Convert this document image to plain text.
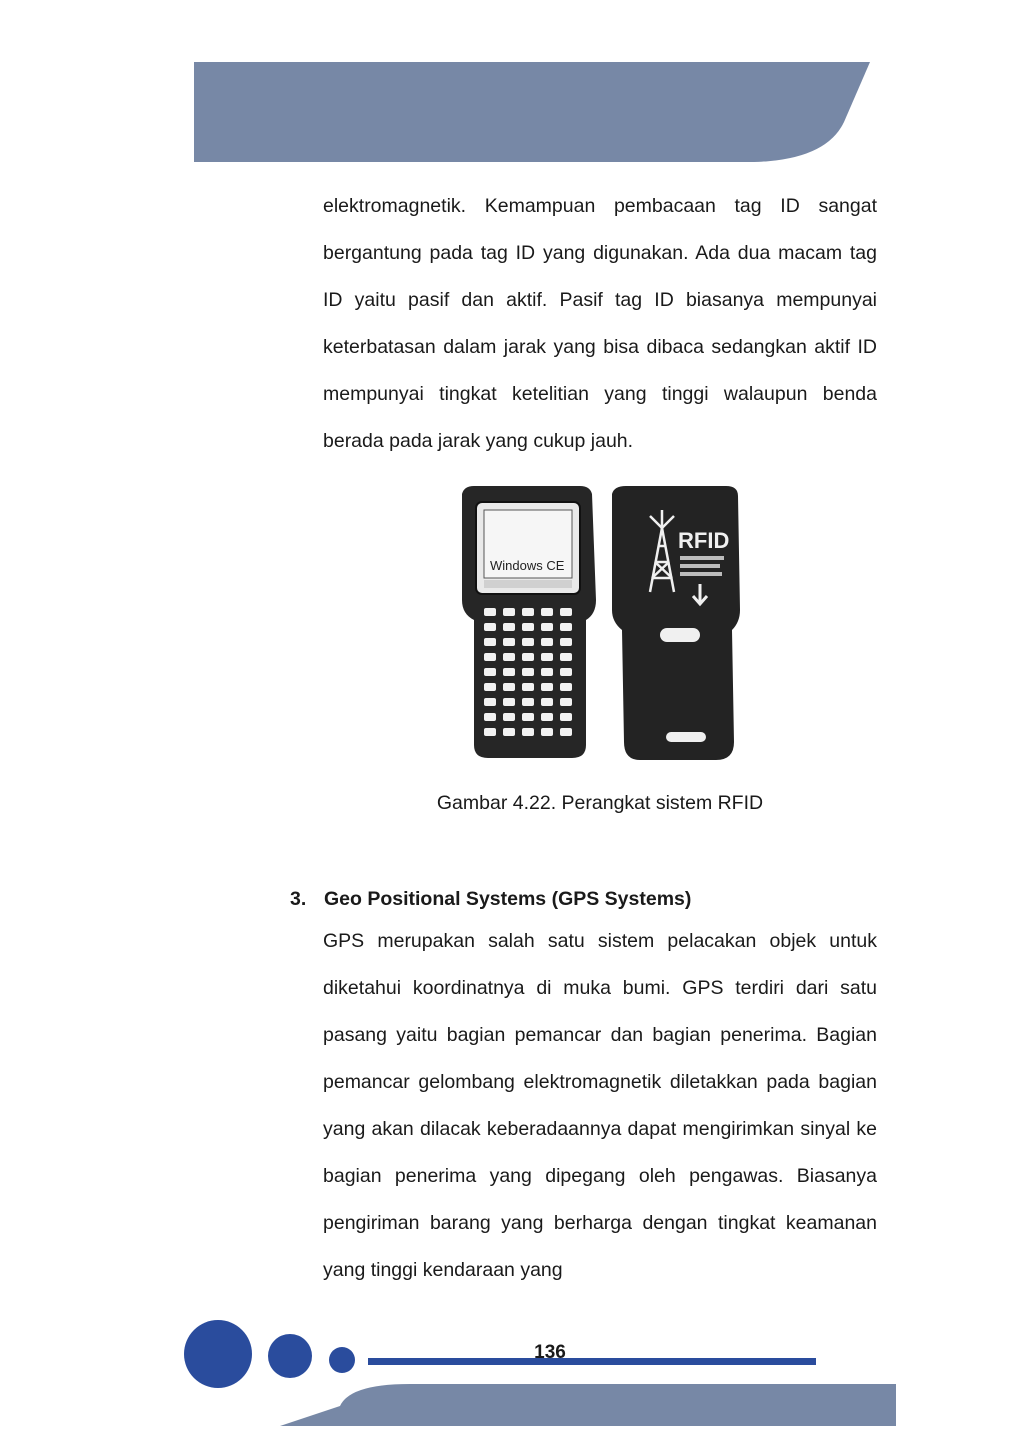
elektromagnetik. Kemampuan pembacaan tag ID sangat bergantung pada tag ID yang digunakan. Ada dua macam tag ID yaitu pasif dan aktif. Pasif tag ID biasanya mempunyai keterbatasan dalam jarak yang bisa dibaca sedangkan aktif ID mempunyai tingkat ketelitian yang tinggi walaupun benda berada pada jarak yang cukup jauh.

Windows CE
RFID
Gambar 4.22. Perangkat sistem RFID
3. Geo Positional Systems (GPS Systems)

GPS merupakan salah satu sistem pelacakan objek untuk diketahui koordinatnya di muka bumi. GPS terdiri dari satu pasang yaitu bagian pemancar dan bagian penerima. Bagian pemancar gelombang elektromagnetik diletakkan pada bagian yang akan dilacak keberadaannya dapat mengirimkan sinyal ke bagian penerima yang dipegang oleh pengawas. Biasanya pengiriman barang yang berharga dengan tingkat keamanan yang tinggi kendaraan yang

136
